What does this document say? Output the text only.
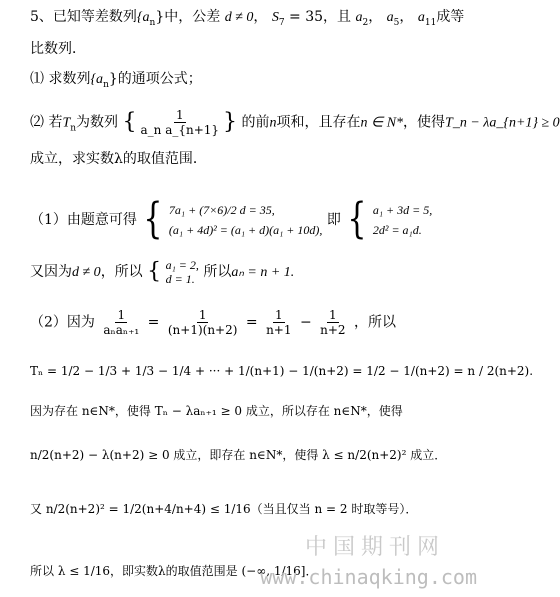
5、已知等差数列$\{a_n\}$中，公差 d ≠ 0， $S_7 = 35$，且 $a_2$， $a_5$， $a_{11}$成等
比数列．
⑴ 求数列$\{a_n\}$的通项公式；
⑵ 若$T_n$为数列 { $\frac{1}{\text{a\_n a\_\{n+1\}}}$ } 的前n项和，且存在n ∈ N*，使得T_n − λa_{n+1} ≥ 0
成立，求实数λ的取值范围．
（1）由题意可得 { 7a₁ + (7×6)/2 d = 35,
(a₁ + 4d)² = (a₁ + d)(a₁ + 10d), 即 { a₁ + 3d = 5,
2d² = a₁d.
又因为d ≠ 0，所以 { a₁ = 2,
d = 1. 所以aₙ = n + 1.
（2）因为 $\frac{1}{\text{aₙaₙ₊₁}} = \frac{1}{(n+1)(n+2)} = \frac{1}{n+1} - \frac{1}{n+2}$ ，所以
Tₙ = 1/2 − 1/3 + 1/3 − 1/4 + ··· + 1/(n+1) − 1/(n+2) = 1/2 − 1/(n+2) = n / 2(n+2).
因为存在 n∈N*，使得 Tₙ − λaₙ₊₁ ≥ 0 成立，所以存在 n∈N*，使得
n/2(n+2) − λ(n+2) ≥ 0 成立，即存在 n∈N*，使得 λ ≤ n/2(n+2)² 成立．
又 n/2(n+2)² = 1/2(n+4/n+4) ≤ 1/16（当且仅当 n = 2 时取等号）．
所以 λ ≤ 1/16，即实数λ的取值范围是 (−∞, 1/16]．
中国期刊网
www.chinaqking.com
